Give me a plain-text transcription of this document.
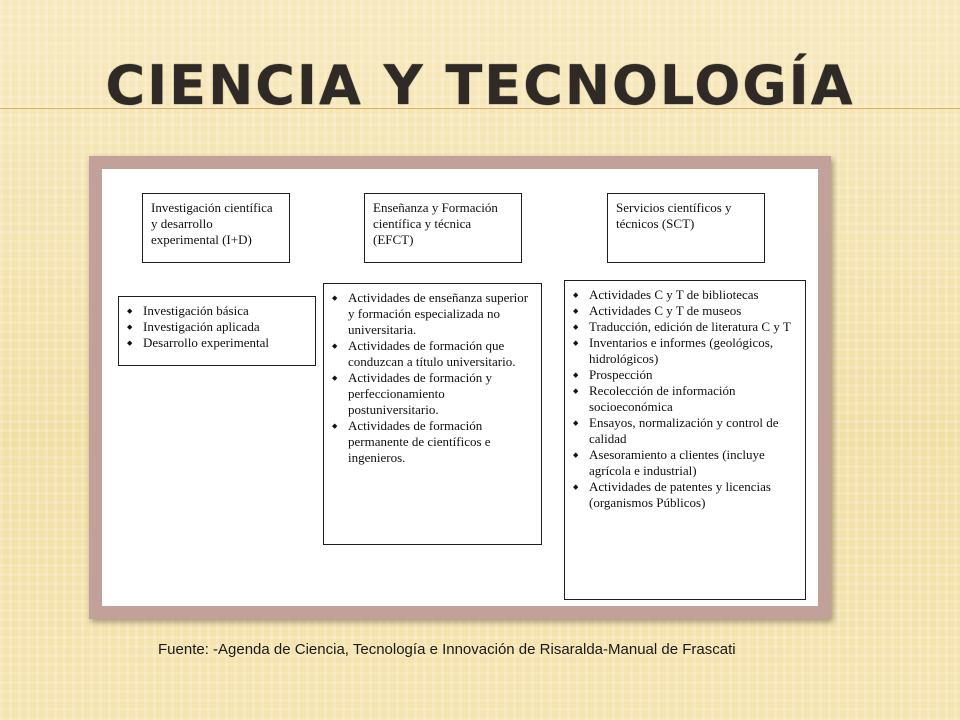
CIENCIA Y TECNOLOGÍA
Investigación científica y desarrollo experimental (I+D)
◆ Investigación básica
◆ Investigación aplicada
◆ Desarrollo experimental
Enseñanza y Formación científica y técnica (EFCT)
◆ Actividades de enseñanza superior y formación especializada no universitaria.
◆ Actividades de formación que conduzcan a título universitario.
◆ Actividades de formación y perfeccionamiento postuniversitario.
◆ Actividades de formación permanente de científicos e ingenieros.
Servicios científicos y técnicos (SCT)
◆ Actividades C y T de bibliotecas
◆ Actividades C y T de museos
◆ Traducción, edición de literatura C y T
◆ Inventarios e informes (geológicos, hidrológicos)
◆ Prospección
◆ Recolección de información socioeconómica
◆ Ensayos, normalización y control de calidad
◆ Asesoramiento a clientes (incluye agrícola e industrial)
◆ Actividades de patentes y licencias (organismos Públicos)
Fuente: -Agenda de Ciencia, Tecnología e Innovación de Risaralda-Manual de Frascati
